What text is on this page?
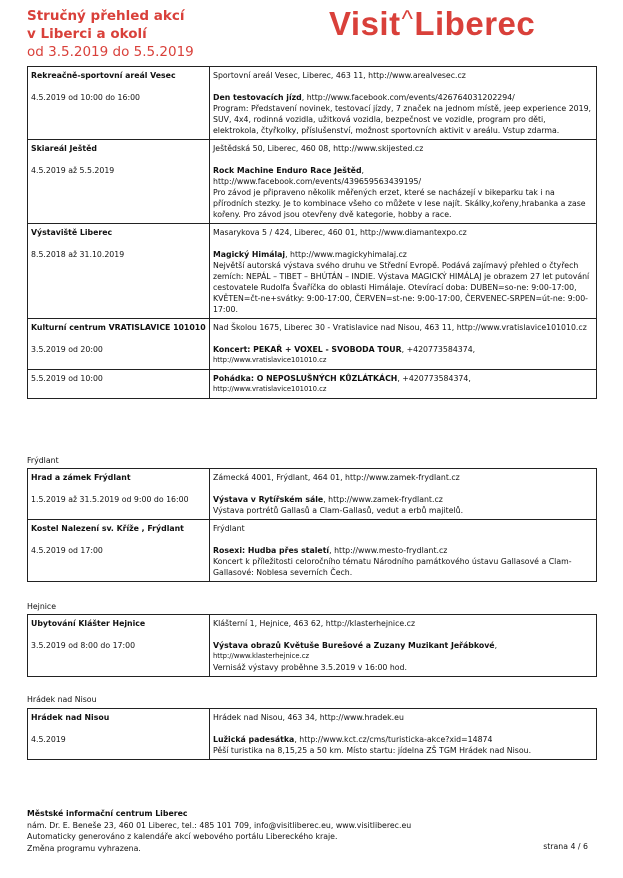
Stručný přehled akcí
v Liberci a okolí
od 3.5.2019 do 5.5.2019
Visit^Liberec
Rekreačně-sportovní areál Vesec
4.5.2019 od 10:00 do 16:00
Sportovní areál Vesec, Liberec, 463 11, http://www.arealvesec.cz
Den testovacích jízd, http://www.facebook.com/events/426764031202294/
Program: Představení novinek, testovací jízdy, 7 značek na jednom místě, jeep experience 2019, SUV, 4x4, rodinná vozidla, užitková vozidla, bezpečnost ve vozidle, program pro děti, elektrokola, čtyřkolky, příslušenství, možnost sportovních aktivit v areálu. Vstup zdarma.
Skiareál Ještěd
4.5.2019 až 5.5.2019
Ještědská 50, Liberec, 460 08, http://www.skijested.cz
Rock Machine Enduro Race Ještěd,
http://www.facebook.com/events/439659563439195/
Pro závod je připraveno několik měřených erzet, které se nacházejí v bikeparku tak i na přírodních stezky. Je to kombinace všeho co můžete v lese najít. Skálky,kořeny,hrabanka a zase kořeny. Pro závod jsou otevřeny dvě kategorie, hobby a race.
Výstaviště Liberec
8.5.2018 až 31.10.2019
Masarykova 5 / 424, Liberec, 460 01, http://www.diamantexpo.cz
Magický Himálaj, http://www.magickyhimalaj.cz
Největší autorská výstava svého druhu ve Střední Evropě. Podává zajímavý přehled o čtyřech zemích: NEPÁL – TIBET – BHÚTÁN – INDIE. Výstava MAGICKÝ HIMÁLAJ je obrazem 27 let putování cestovatele Rudolfa Švaříčka do oblasti Himálaje. Otevírací doba: DUBEN=so-ne: 9:00-17:00, KVĚTEN=čt-ne+svátky: 9:00-17:00, ČERVEN=st-ne: 9:00-17:00, ČERVENEC-SRPEN=út-ne: 9:00-17:00.
Kulturní centrum VRATISLAVICE 101010
3.5.2019 od 20:00
Nad Školou 1675, Liberec 30 - Vratislavice nad Nisou, 463 11, http://www.vratislavice101010.cz
Koncert: PEKAŘ + VOXEL - SVOBODA TOUR, +420773584374,
http://www.vratislavice101010.cz
5.5.2019 od 10:00	Pohádka: O NEPOSLUŠNÝCH KŮZLÁTKÁCH, +420773584374,
http://www.vratislavice101010.cz
Frýdlant
Hrad a zámek Frýdlant
1.5.2019 až 31.5.2019 od 9:00 do 16:00
Zámecká 4001, Frýdlant, 464 01, http://www.zamek-frydlant.cz
Výstava v Rytířském sále, http://www.zamek-frydlant.cz
Výstava portrétů Gallasů a Clam-Gallasů, vedut a erbů majitelů.
Kostel Nalezení sv. Kříže , Frýdlant
4.5.2019 od 17:00
Frýdlant
Rosexi: Hudba přes staletí, http://www.mesto-frydlant.cz
Koncert k příležitosti celoročního tématu Národního památkového ústavu Gallasové a Clam-Gallasové: Noblesa severních Čech.
Hejnice
Ubytování Klášter Hejnice
3.5.2019 od 8:00 do 17:00
Klášterní 1, Hejnice, 463 62, http://klasterhejnice.cz
Výstava obrazů Květuše Burešové a Zuzany Muzikant Jeřábkové,
http://www.klasterhejnice.cz
Vernisáž výstavy proběhne 3.5.2019 v 16:00 hod.
Hrádek nad Nisou
Hrádek nad Nisou
4.5.2019
Hrádek nad Nisou, 463 34, http://www.hradek.eu
Lužická padesátka, http://www.kct.cz/cms/turisticka-akce?xid=14874
Pěší turistika na 8,15,25 a 50 km. Místo startu: jídelna ZŠ TGM Hrádek nad Nisou.
Městské informační centrum Liberec
nám. Dr. E. Beneše 23, 460 01 Liberec, tel.: 485 101 709, info@visitliberec.eu, www.visitliberec.eu
Automaticky generováno z kalendáře akcí webového portálu Libereckého kraje.
Změna programu vyhrazena.	strana 4 / 6
